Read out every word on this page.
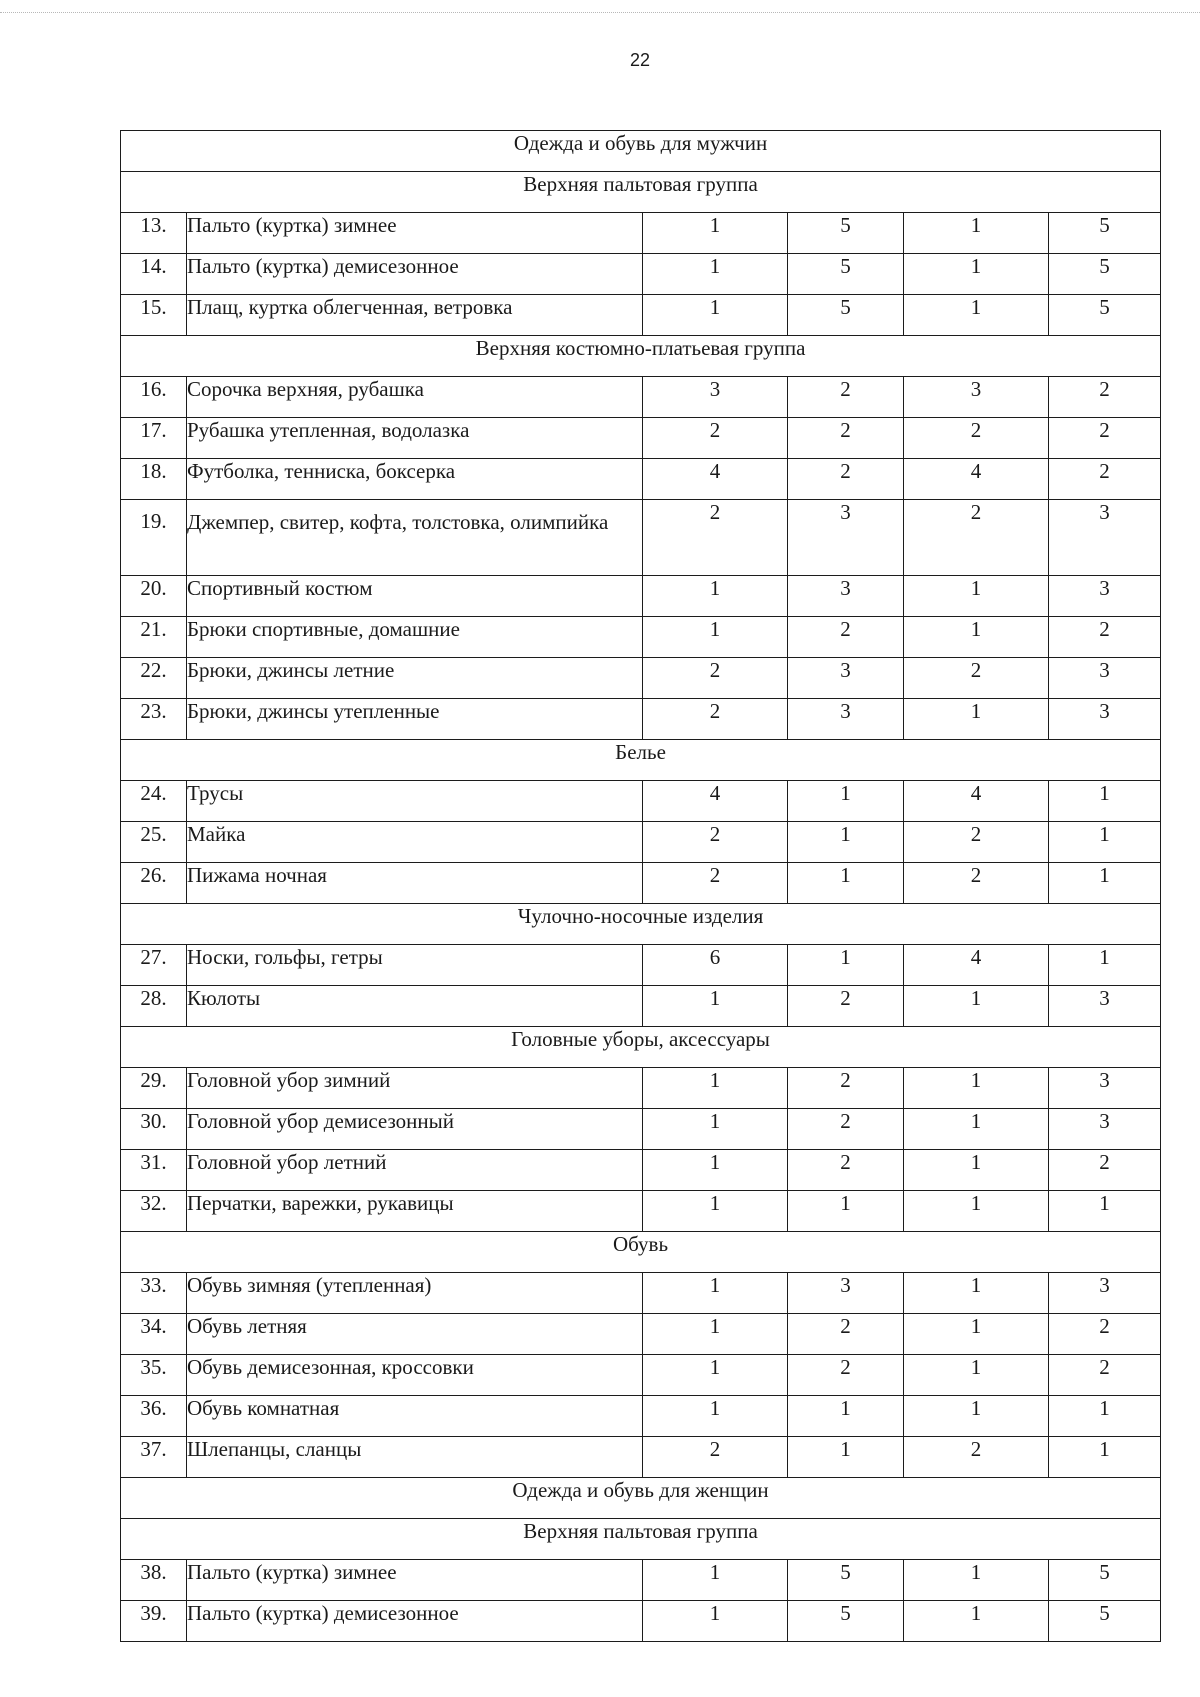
22
Одежда и обувь для мужчин					
Верхняя пальтовая группа					
13.	Пальто (куртка) зимнее	1	5	1	5
14.	Пальто (куртка) демисезонное	1	5	1	5
15.	Плащ, куртка облегченная, ветровка	1	5	1	5
Верхняя костюмно-платьевая группа					
16.	Сорочка верхняя, рубашка	3	2	3	2
17.	Рубашка утепленная, водолазка	2	2	2	2
18.	Футболка, тенниска, боксерка	4	2	4	2
19.	Джемпер, свитер, кофта, толстовка, олимпийка	2	3	2	3
20.	Спортивный костюм	1	3	1	3
21.	Брюки спортивные, домашние	1	2	1	2
22.	Брюки, джинсы летние	2	3	2	3
23.	Брюки, джинсы утепленные	2	3	1	3
Белье					
24.	Трусы	4	1	4	1
25.	Майка	2	1	2	1
26.	Пижама ночная	2	1	2	1
Чулочно-носочные изделия					
27.	Носки, гольфы, гетры	6	1	4	1
28.	Кюлоты	1	2	1	3
Головные уборы, аксессуары					
29.	Головной убор зимний	1	2	1	3
30.	Головной убор демисезонный	1	2	1	3
31.	Головной убор летний	1	2	1	2
32.	Перчатки, варежки, рукавицы	1	1	1	1
Обувь					
33.	Обувь зимняя (утепленная)	1	3	1	3
34.	Обувь летняя	1	2	1	2
35.	Обувь демисезонная, кроссовки	1	2	1	2
36.	Обувь комнатная	1	1	1	1
37.	Шлепанцы, сланцы	2	1	2	1
Одежда и обувь для женщин					
Верхняя пальтовая группа					
38.	Пальто (куртка) зимнее	1	5	1	5
39.	Пальто (куртка) демисезонное	1	5	1	5
